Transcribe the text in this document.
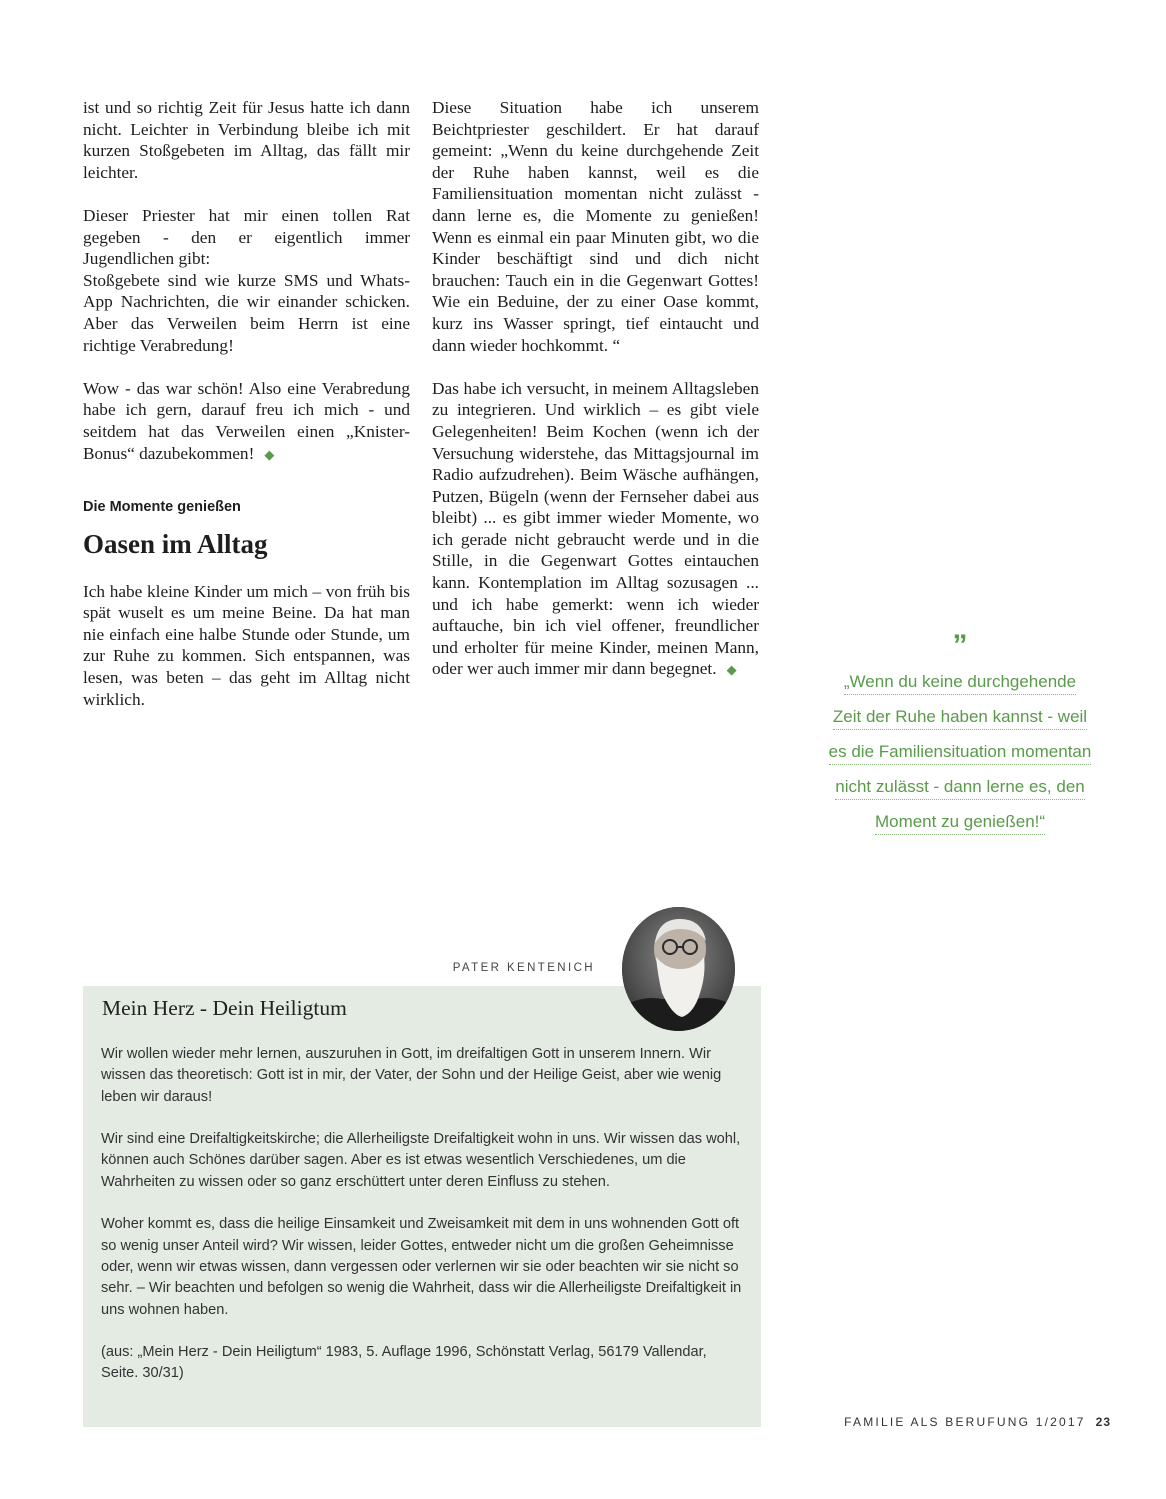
ist und so richtig Zeit für Jesus hatte ich dann nicht. Leichter in Verbindung bleibe ich mit kurzen Stoßgebeten im Alltag, das fällt mir leichter.

Dieser Priester hat mir einen tollen Rat gegeben - den er eigentlich immer Jugendlichen gibt:

Stoßgebete sind wie kurze SMS und Whats-App Nachrichten, die wir einander schicken. Aber das Verweilen beim Herrn ist eine richtige Verabredung!

Wow - das war schön! Also eine Verabredung habe ich gern, darauf freu ich mich - und seitdem hat das Verweilen einen „Knister-Bonus“ dazubekommen! ◆

Die Momente genießen
Oasen im Alltag

Ich habe kleine Kinder um mich – von früh bis spät wuselt es um meine Beine. Da hat man nie einfach eine halbe Stunde oder Stunde, um zur Ruhe zu kommen. Sich entspannen, was lesen, was beten – das geht im Alltag nicht wirklich.

Diese Situation habe ich unserem Beichtpriester geschildert. Er hat darauf gemeint: „Wenn du keine durchgehende Zeit der Ruhe haben kannst, weil es die Familiensituation momentan nicht zulässt - dann lerne es, die Momente zu genießen! Wenn es einmal ein paar Minuten gibt, wo die Kinder beschäftigt sind und dich nicht brauchen: Tauch ein in die Gegenwart Gottes! Wie ein Beduine, der zu einer Oase kommt, kurz ins Wasser springt, tief eintaucht und dann wieder hochkommt. “

Das habe ich versucht, in meinem Alltagsleben zu integrieren. Und wirklich – es gibt viele Gelegenheiten! Beim Kochen (wenn ich der Versuchung widerstehe, das Mittagsjournal im Radio aufzudrehen). Beim Wäsche aufhängen, Putzen, Bügeln (wenn der Fernseher dabei aus bleibt) ... es gibt immer wieder Momente, wo ich gerade nicht gebraucht werde und in die Stille, in die Gegenwart Gottes eintauchen kann. Kontemplation im Alltag sozusagen ... und ich habe gemerkt: wenn ich wieder auftauche, bin ich viel offener, freundlicher und erholter für meine Kinder, meinen Mann, oder wer auch immer mir dann begegnet. ◆

”
„Wenn du keine durchgehende
Zeit der Ruhe haben kannst - weil
es die Familiensituation momentan
nicht zulässt - dann lerne es, den
Moment zu genießen!“
PATER KENTENICH
Mein Herz - Dein Heiligtum

Wir wollen wieder mehr lernen, auszuruhen in Gott, im dreifaltigen Gott in unserem Innern. Wir wissen das theoretisch: Gott ist in mir, der Vater, der Sohn und der Heilige Geist, aber wie wenig leben wir daraus!

Wir sind eine Dreifaltigkeitskirche; die Allerheiligste Dreifaltigkeit wohn in uns. Wir wissen das wohl, können auch Schönes darüber sagen. Aber es ist etwas wesentlich Verschiedenes, um die Wahrheiten zu wissen oder so ganz erschüttert unter deren Einfluss zu stehen.

Woher kommt es, dass die heilige Einsamkeit und Zweisamkeit mit dem in uns wohnenden Gott oft so wenig unser Anteil wird? Wir wissen, leider Gottes, entweder nicht um die großen Geheimnisse oder, wenn wir etwas wissen, dann vergessen oder verlernen wir sie oder beachten wir sie nicht so sehr. – Wir beachten und befolgen so wenig die Wahrheit, dass wir die Allerheiligste Dreifaltigkeit in uns wohnen haben.

(aus: „Mein Herz - Dein Heiligtum“ 1983, 5. Auflage 1996, Schönstatt Verlag, 56179 Vallendar, Seite. 30/31)

FAMILIE ALS BERUFUNG 1/2017 23
